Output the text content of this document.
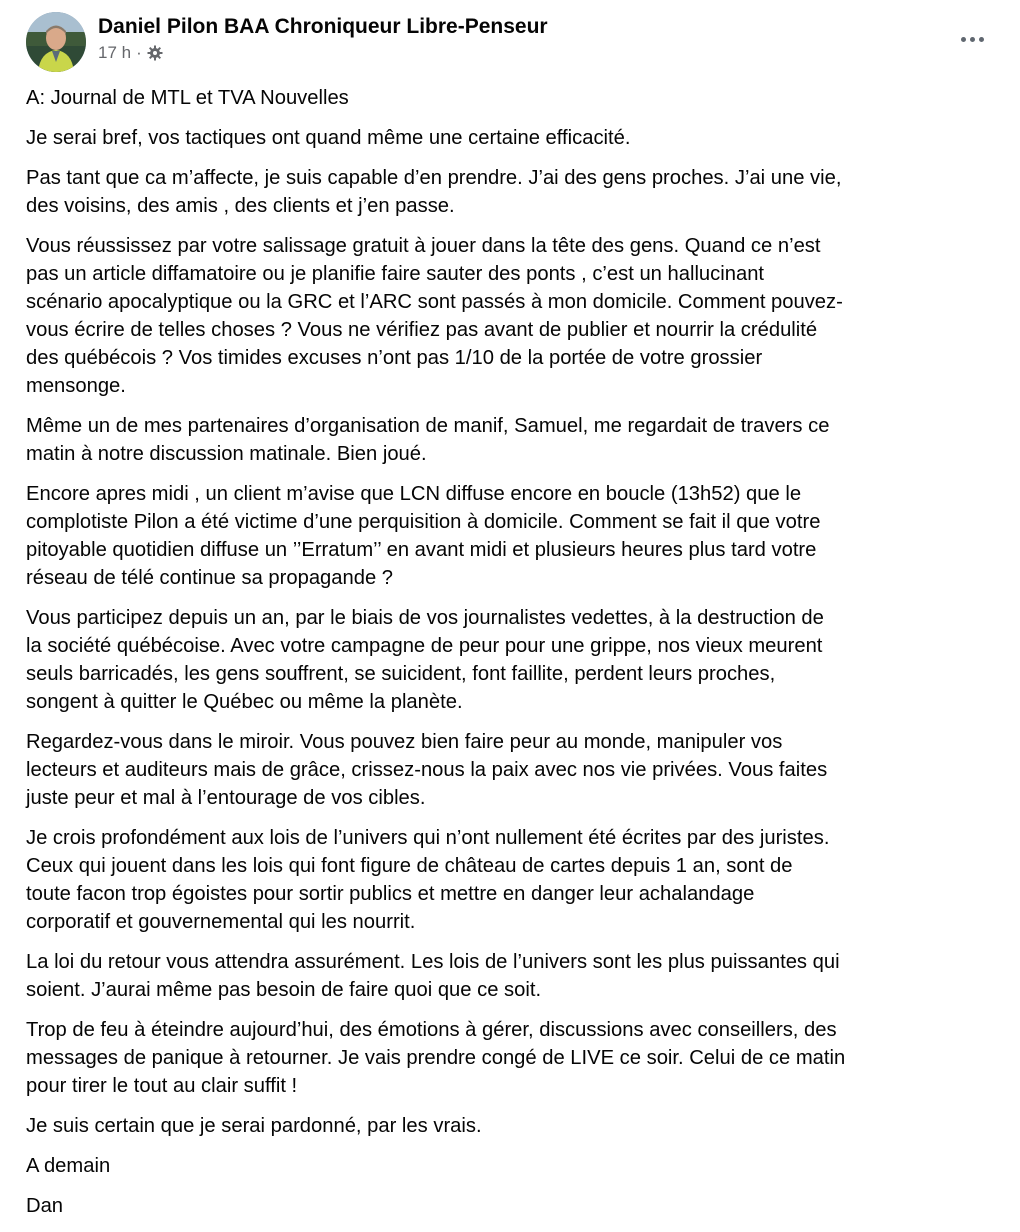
Daniel Pilon BAA Chroniqueur Libre-Penseur
17 h ·

A: Journal de MTL et TVA Nouvelles

Je serai bref, vos tactiques ont quand même une certaine efficacité.

Pas tant que ca m’affecte, je suis capable d’en prendre. J’ai des gens proches. J’ai une vie,
des voisins, des amis , des clients et j’en passe.

Vous réussissez par votre salissage gratuit à jouer dans la tête des gens. Quand ce n’est
pas un article diffamatoire ou je planifie faire sauter des ponts , c’est un hallucinant
scénario apocalyptique ou la GRC et l’ARC sont passés à mon domicile. Comment pouvez-
vous écrire de telles choses ? Vous ne vérifiez pas avant de publier et nourrir la crédulité
des québécois ? Vos timides excuses n’ont pas 1/10 de la portée de votre grossier
mensonge.

Même un de mes partenaires d’organisation de manif, Samuel, me regardait de travers ce
matin à notre discussion matinale. Bien joué.

Encore apres midi , un client m’avise que LCN diffuse encore en boucle (13h52) que le
complotiste Pilon a été victime d’une perquisition à domicile. Comment se fait il que votre
pitoyable quotidien diffuse un ’’Erratum’’ en avant midi et plusieurs heures plus tard votre
réseau de télé continue sa propagande ?

Vous participez depuis un an, par le biais de vos journalistes vedettes, à la destruction de
la société québécoise. Avec votre campagne de peur pour une grippe, nos vieux meurent
seuls barricadés, les gens souffrent, se suicident, font faillite, perdent leurs proches,
songent à quitter le Québec ou même la planète.

Regardez-vous dans le miroir. Vous pouvez bien faire peur au monde, manipuler vos
lecteurs et auditeurs mais de grâce, crissez-nous la paix avec nos vie privées. Vous faites
juste peur et mal à l’entourage de vos cibles.

Je crois profondément aux lois de l’univers qui n’ont nullement été écrites par des juristes.
Ceux qui jouent dans les lois qui font figure de château de cartes depuis 1 an, sont de
toute facon trop égoistes pour sortir publics et mettre en danger leur achalandage
corporatif et gouvernemental qui les nourrit.

La loi du retour vous attendra assurément. Les lois de l’univers sont les plus puissantes qui
soient. J’aurai même pas besoin de faire quoi que ce soit.

Trop de feu à éteindre aujourd’hui, des émotions à gérer, discussions avec conseillers, des
messages de panique à retourner. Je vais prendre congé de LIVE ce soir. Celui de ce matin
pour tirer le tout au clair suffit !

Je suis certain que je serai pardonné, par les vrais.

A demain

Dan
